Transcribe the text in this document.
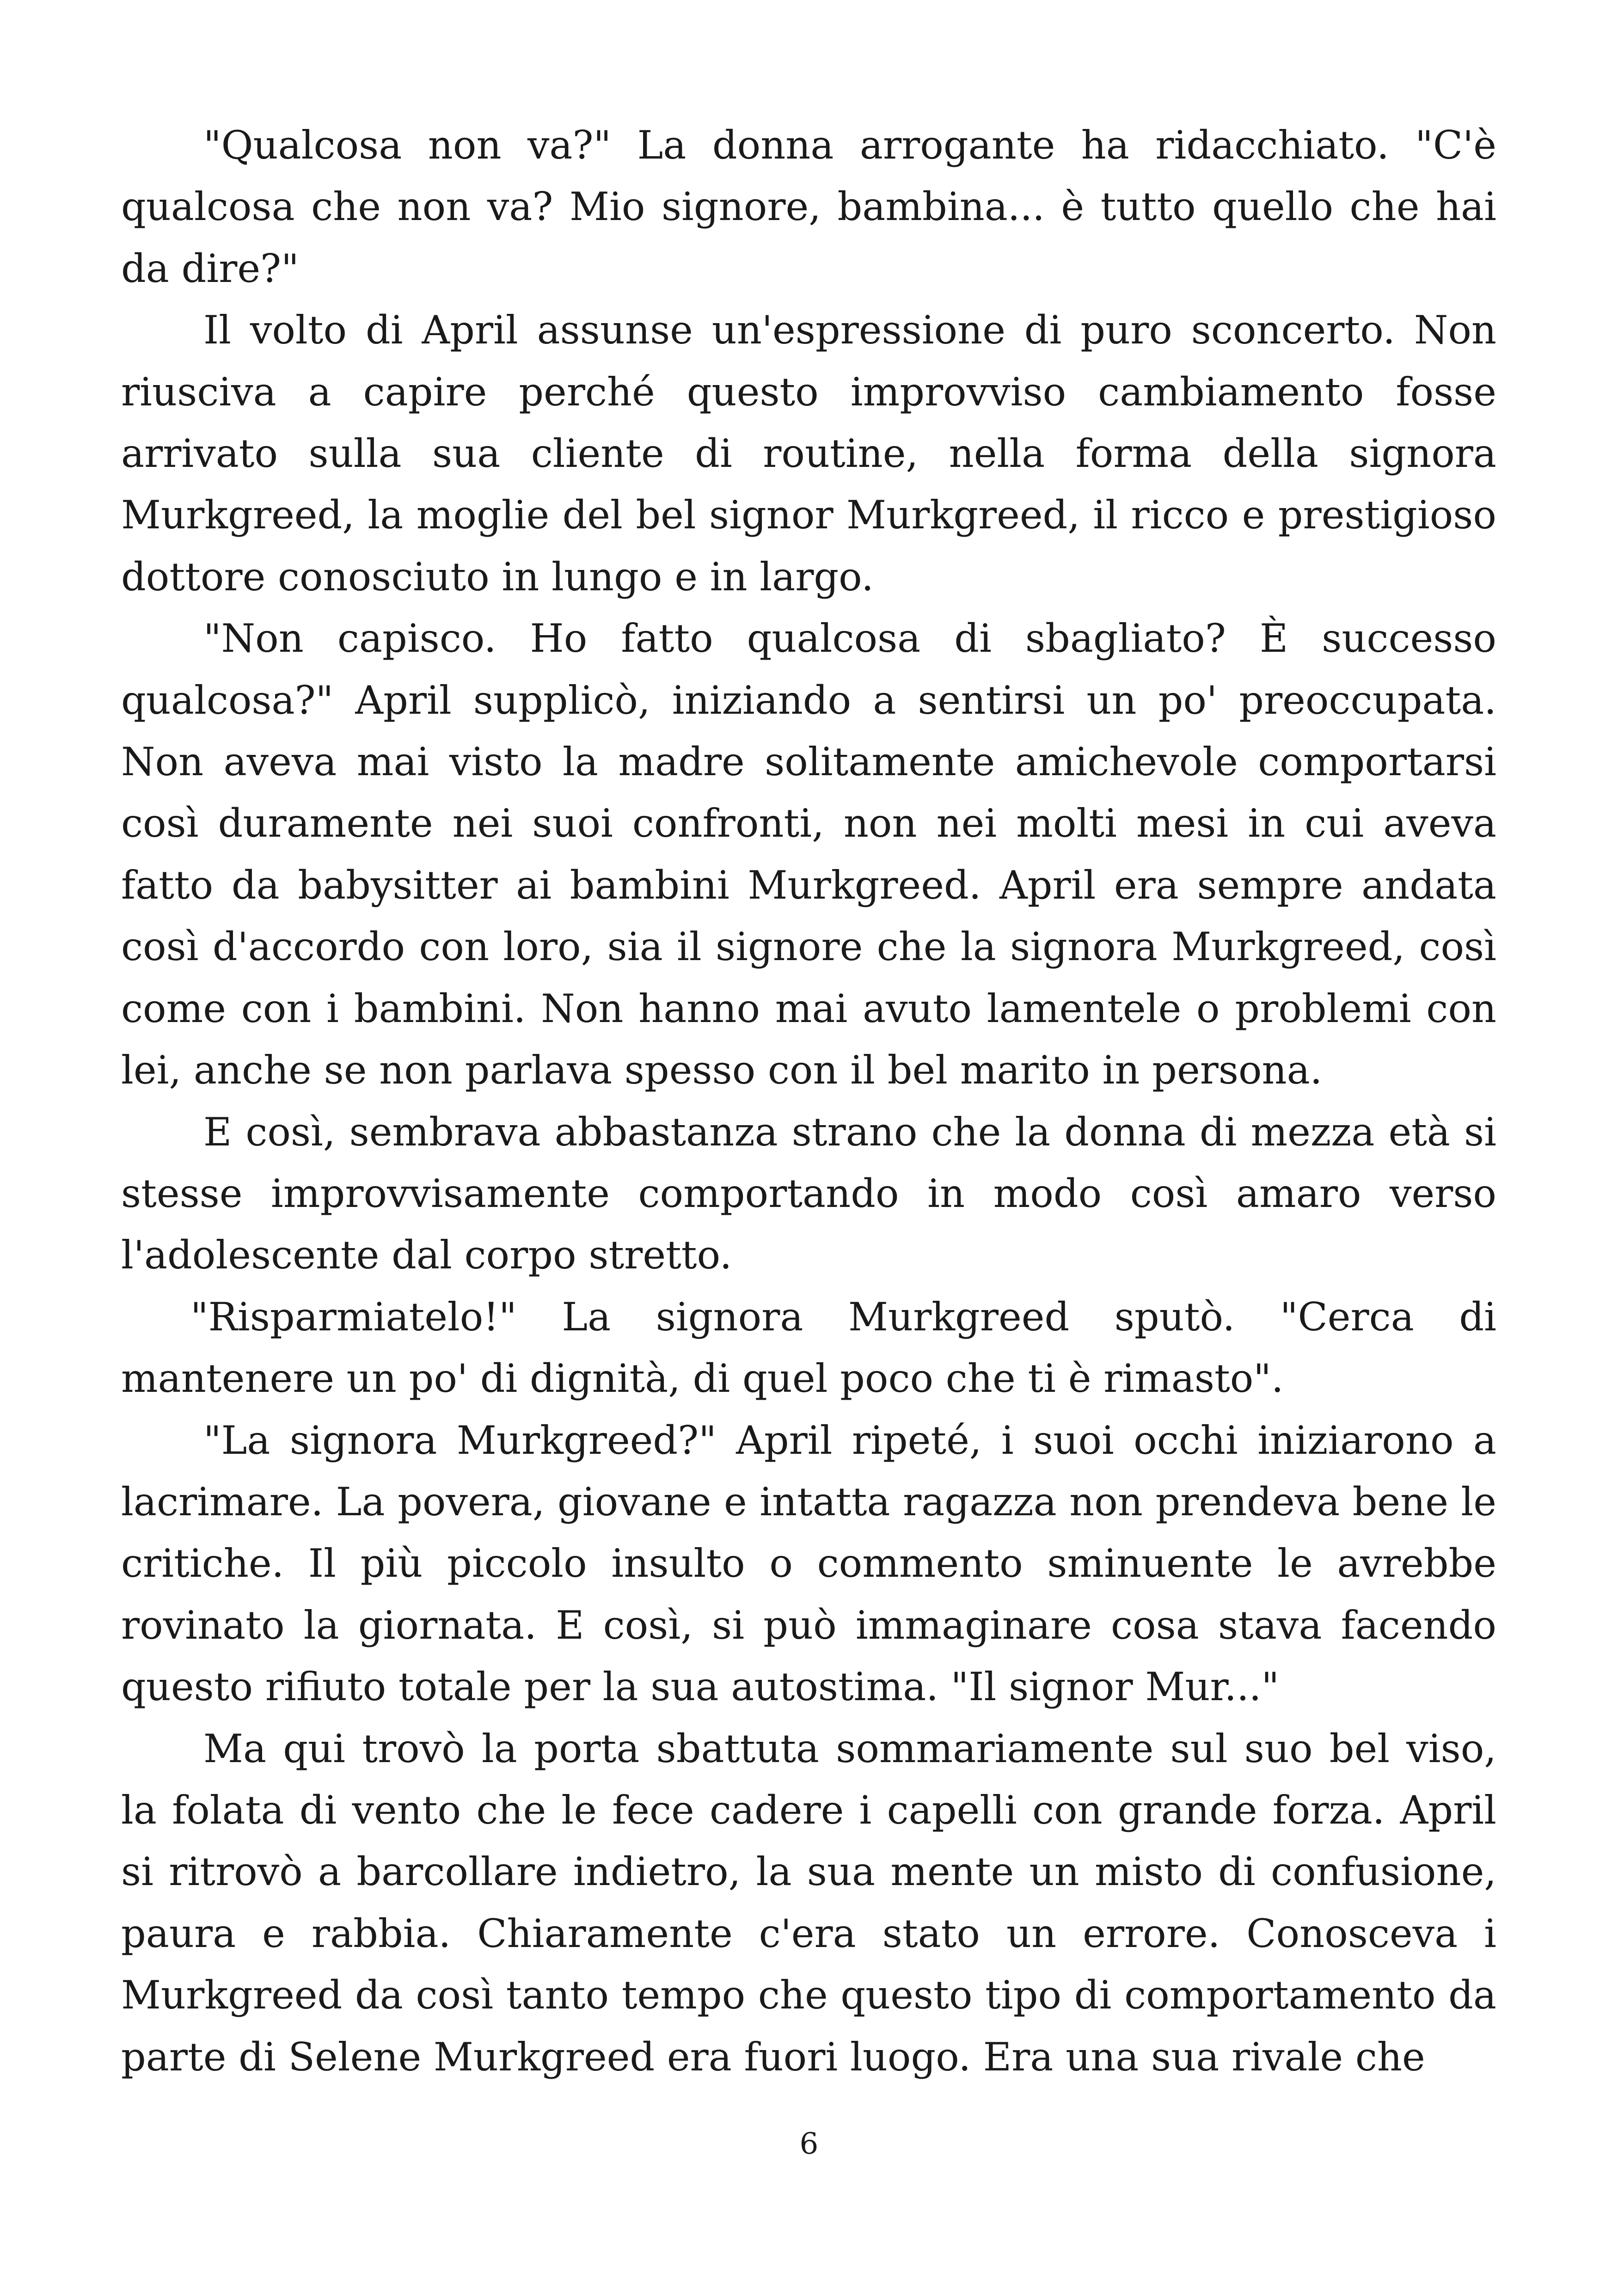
"Qualcosa non va?" La donna arrogante ha ridacchiato. "C'è qualcosa che non va? Mio signore, bambina... è tutto quello che hai da dire?"

Il volto di April assunse un'espressione di puro sconcerto. Non riusciva a capire perché questo improvviso cambiamento fosse arrivato sulla sua cliente di routine, nella forma della signora Murkgreed, la moglie del bel signor Murkgreed, il ricco e prestigioso dottore conosciuto in lungo e in largo.

"Non capisco. Ho fatto qualcosa di sbagliato? È successo qualcosa?" April supplicò, iniziando a sentirsi un po' preoccupata. Non aveva mai visto la madre solitamente amichevole comportarsi così duramente nei suoi confronti, non nei molti mesi in cui aveva fatto da babysitter ai bambini Murkgreed. April era sempre andata così d'accordo con loro, sia il signore che la signora Murkgreed, così come con i bambini. Non hanno mai avuto lamentele o problemi con lei, anche se non parlava spesso con il bel marito in persona.

E così, sembrava abbastanza strano che la donna di mezza età si stesse improvvisamente comportando in modo così amaro verso l'adolescente dal corpo stretto.

"Risparmiatelo!" La signora Murkgreed sputò. "Cerca di mantenere un po' di dignità, di quel poco che ti è rimasto".

"La signora Murkgreed?" April ripeté, i suoi occhi iniziarono a lacrimare. La povera, giovane e intatta ragazza non prendeva bene le critiche. Il più piccolo insulto o commento sminuente le avrebbe rovinato la giornata. E così, si può immaginare cosa stava facendo questo rifiuto totale per la sua autostima. "Il signor Mur..."

Ma qui trovò la porta sbattuta sommariamente sul suo bel viso, la folata di vento che le fece cadere i capelli con grande forza. April si ritrovò a barcollare indietro, la sua mente un misto di confusione, paura e rabbia. Chiaramente c'era stato un errore. Conosceva i Murkgreed da così tanto tempo che questo tipo di comportamento da parte di Selene Murkgreed era fuori luogo. Era una sua rivale che

6
